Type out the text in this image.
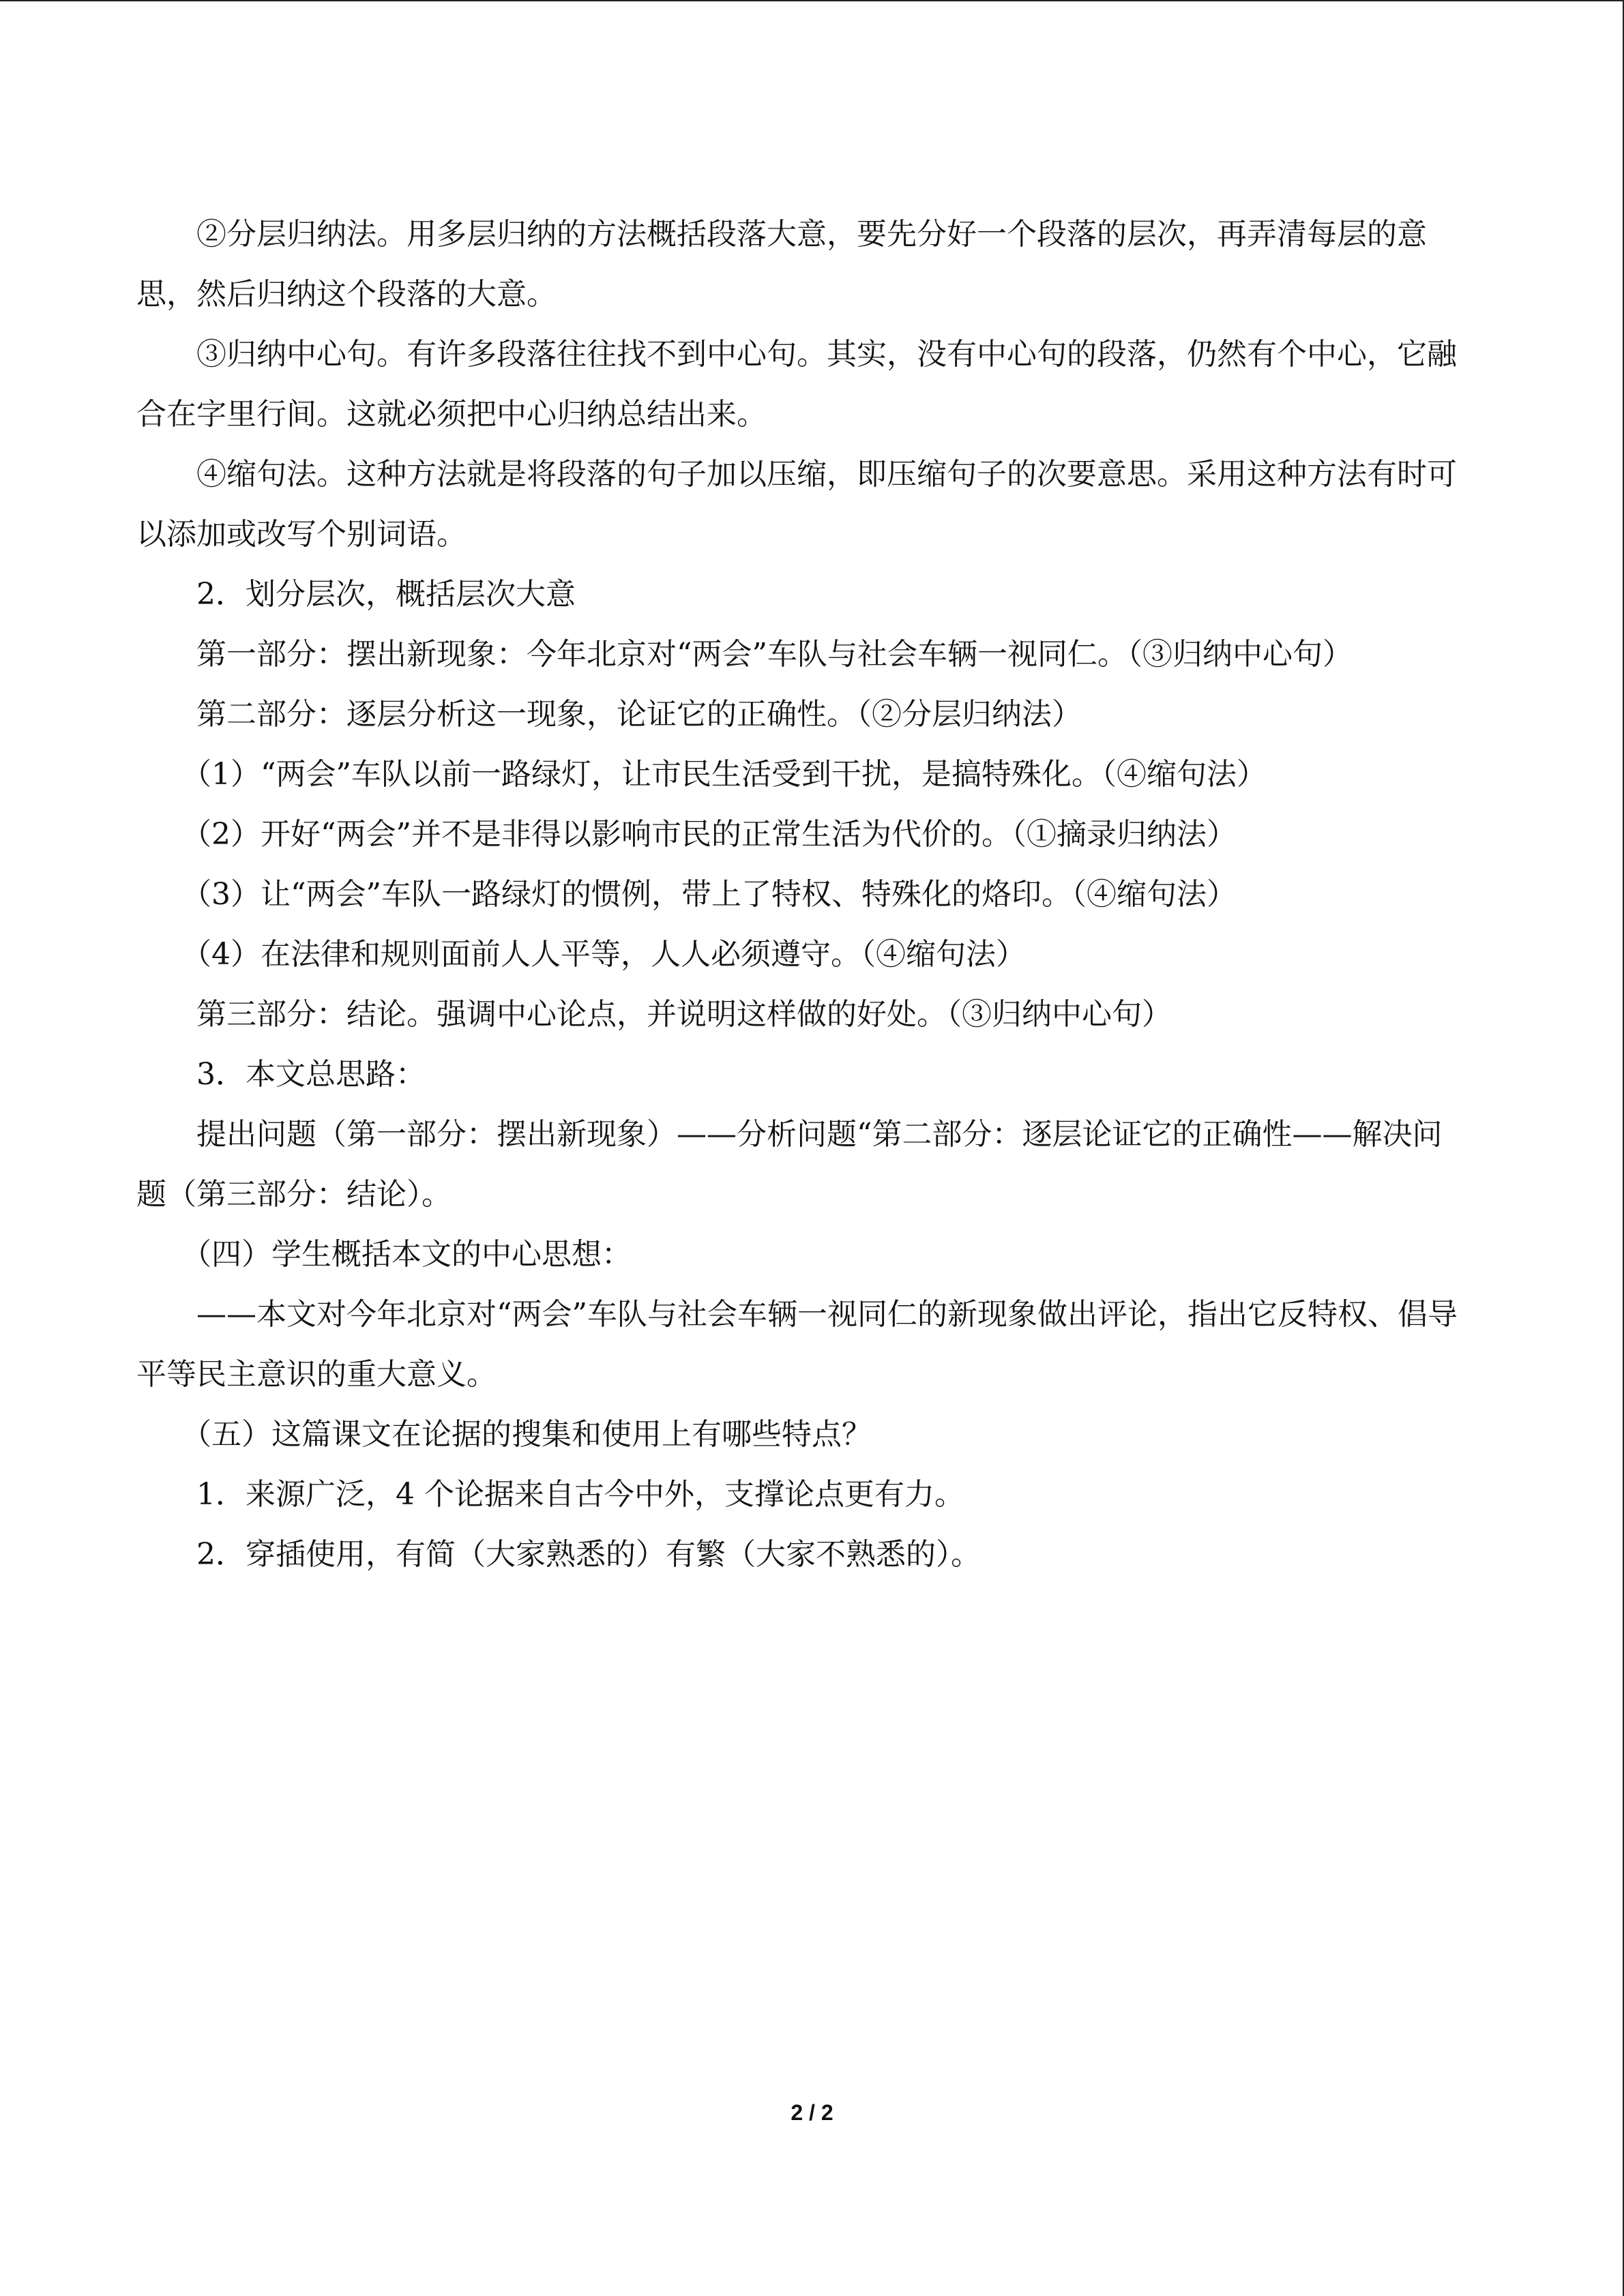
②分层归纳法。用多层归纳的方法概括段落大意，要先分好一个段落的层次，再弄清每层的意思，然后归纳这个段落的大意。

③归纳中心句。有许多段落往往找不到中心句。其实，没有中心句的段落，仍然有个中心，它融合在字里行间。这就必须把中心归纳总结出来。

④缩句法。这种方法就是将段落的句子加以压缩，即压缩句子的次要意思。采用这种方法有时可以添加或改写个别词语。

2．划分层次，概括层次大意

第一部分：摆出新现象：今年北京对“两会”车队与社会车辆一视同仁。（③归纳中心句）

第二部分：逐层分析这一现象，论证它的正确性。（②分层归纳法）

（1）“两会”车队以前一路绿灯，让市民生活受到干扰，是搞特殊化。（④缩句法）

（2）开好“两会”并不是非得以影响市民的正常生活为代价的。（①摘录归纳法）

（3）让“两会”车队一路绿灯的惯例，带上了特权、特殊化的烙印。（④缩句法）

（4）在法律和规则面前人人平等，人人必须遵守。（④缩句法）

第三部分：结论。强调中心论点，并说明这样做的好处。（③归纳中心句）

3．本文总思路：

提出问题（第一部分：摆出新现象）——分析问题“第二部分：逐层论证它的正确性——解决问题（第三部分：结论）。

（四）学生概括本文的中心思想：

——本文对今年北京对“两会”车队与社会车辆一视同仁的新现象做出评论，指出它反特权、倡导平等民主意识的重大意义。

（五）这篇课文在论据的搜集和使用上有哪些特点？

1．来源广泛，4 个论据来自古今中外，支撑论点更有力。

2．穿插使用，有简（大家熟悉的）有繁（大家不熟悉的）。

2 / 2
